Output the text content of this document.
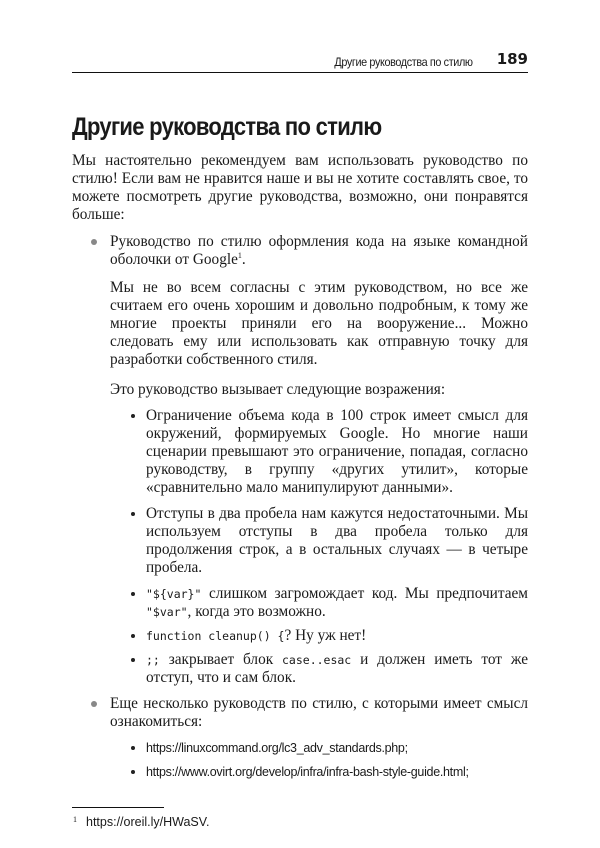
Другие руководства по стилю 189
Другие руководства по стилю

Мы настоятельно рекомендуем вам использовать руководство по стилю! Если вам не нравится наше и вы не хотите составлять свое, то можете посмотреть другие руководства, возможно, они понравятся больше:

Руководство по стилю оформления кода на языке командной оболочки от Google$^1$.

Мы не во всем согласны с этим руководством, но все же считаем его очень хорошим и довольно подробным, к тому же многие проекты приняли его на вооружение... Можно следовать ему или использовать как отправную точку для разработки собственного стиля.

Это руководство вызывает следующие возражения:

Ограничение объема кода в 100 строк имеет смысл для окружений, формируемых Google. Но многие наши сценарии превышают это ограничение, попадая, согласно руководству, в группу «других утилит», которые «сравнительно мало манипулируют данными».

Отступы в два пробела нам кажутся недостаточными. Мы используем отступы в два пробела только для продолжения строк, а в остальных случаях — в четыре пробела.

"${var}" слишком загромождает код. Мы предпочитаем "$var", когда это возможно.

function cleanup() {? Ну уж нет!

;; закрывает блок case..esac и должен иметь тот же отступ, что и сам блок.

Еще несколько руководств по стилю, с которыми имеет смысл ознакомиться:

https://linuxcommand.org/lc3_adv_standards.php;
https://www.ovirt.org/develop/infra/infra-bash-style-guide.html;
1 https://oreil.ly/HWaSV.
